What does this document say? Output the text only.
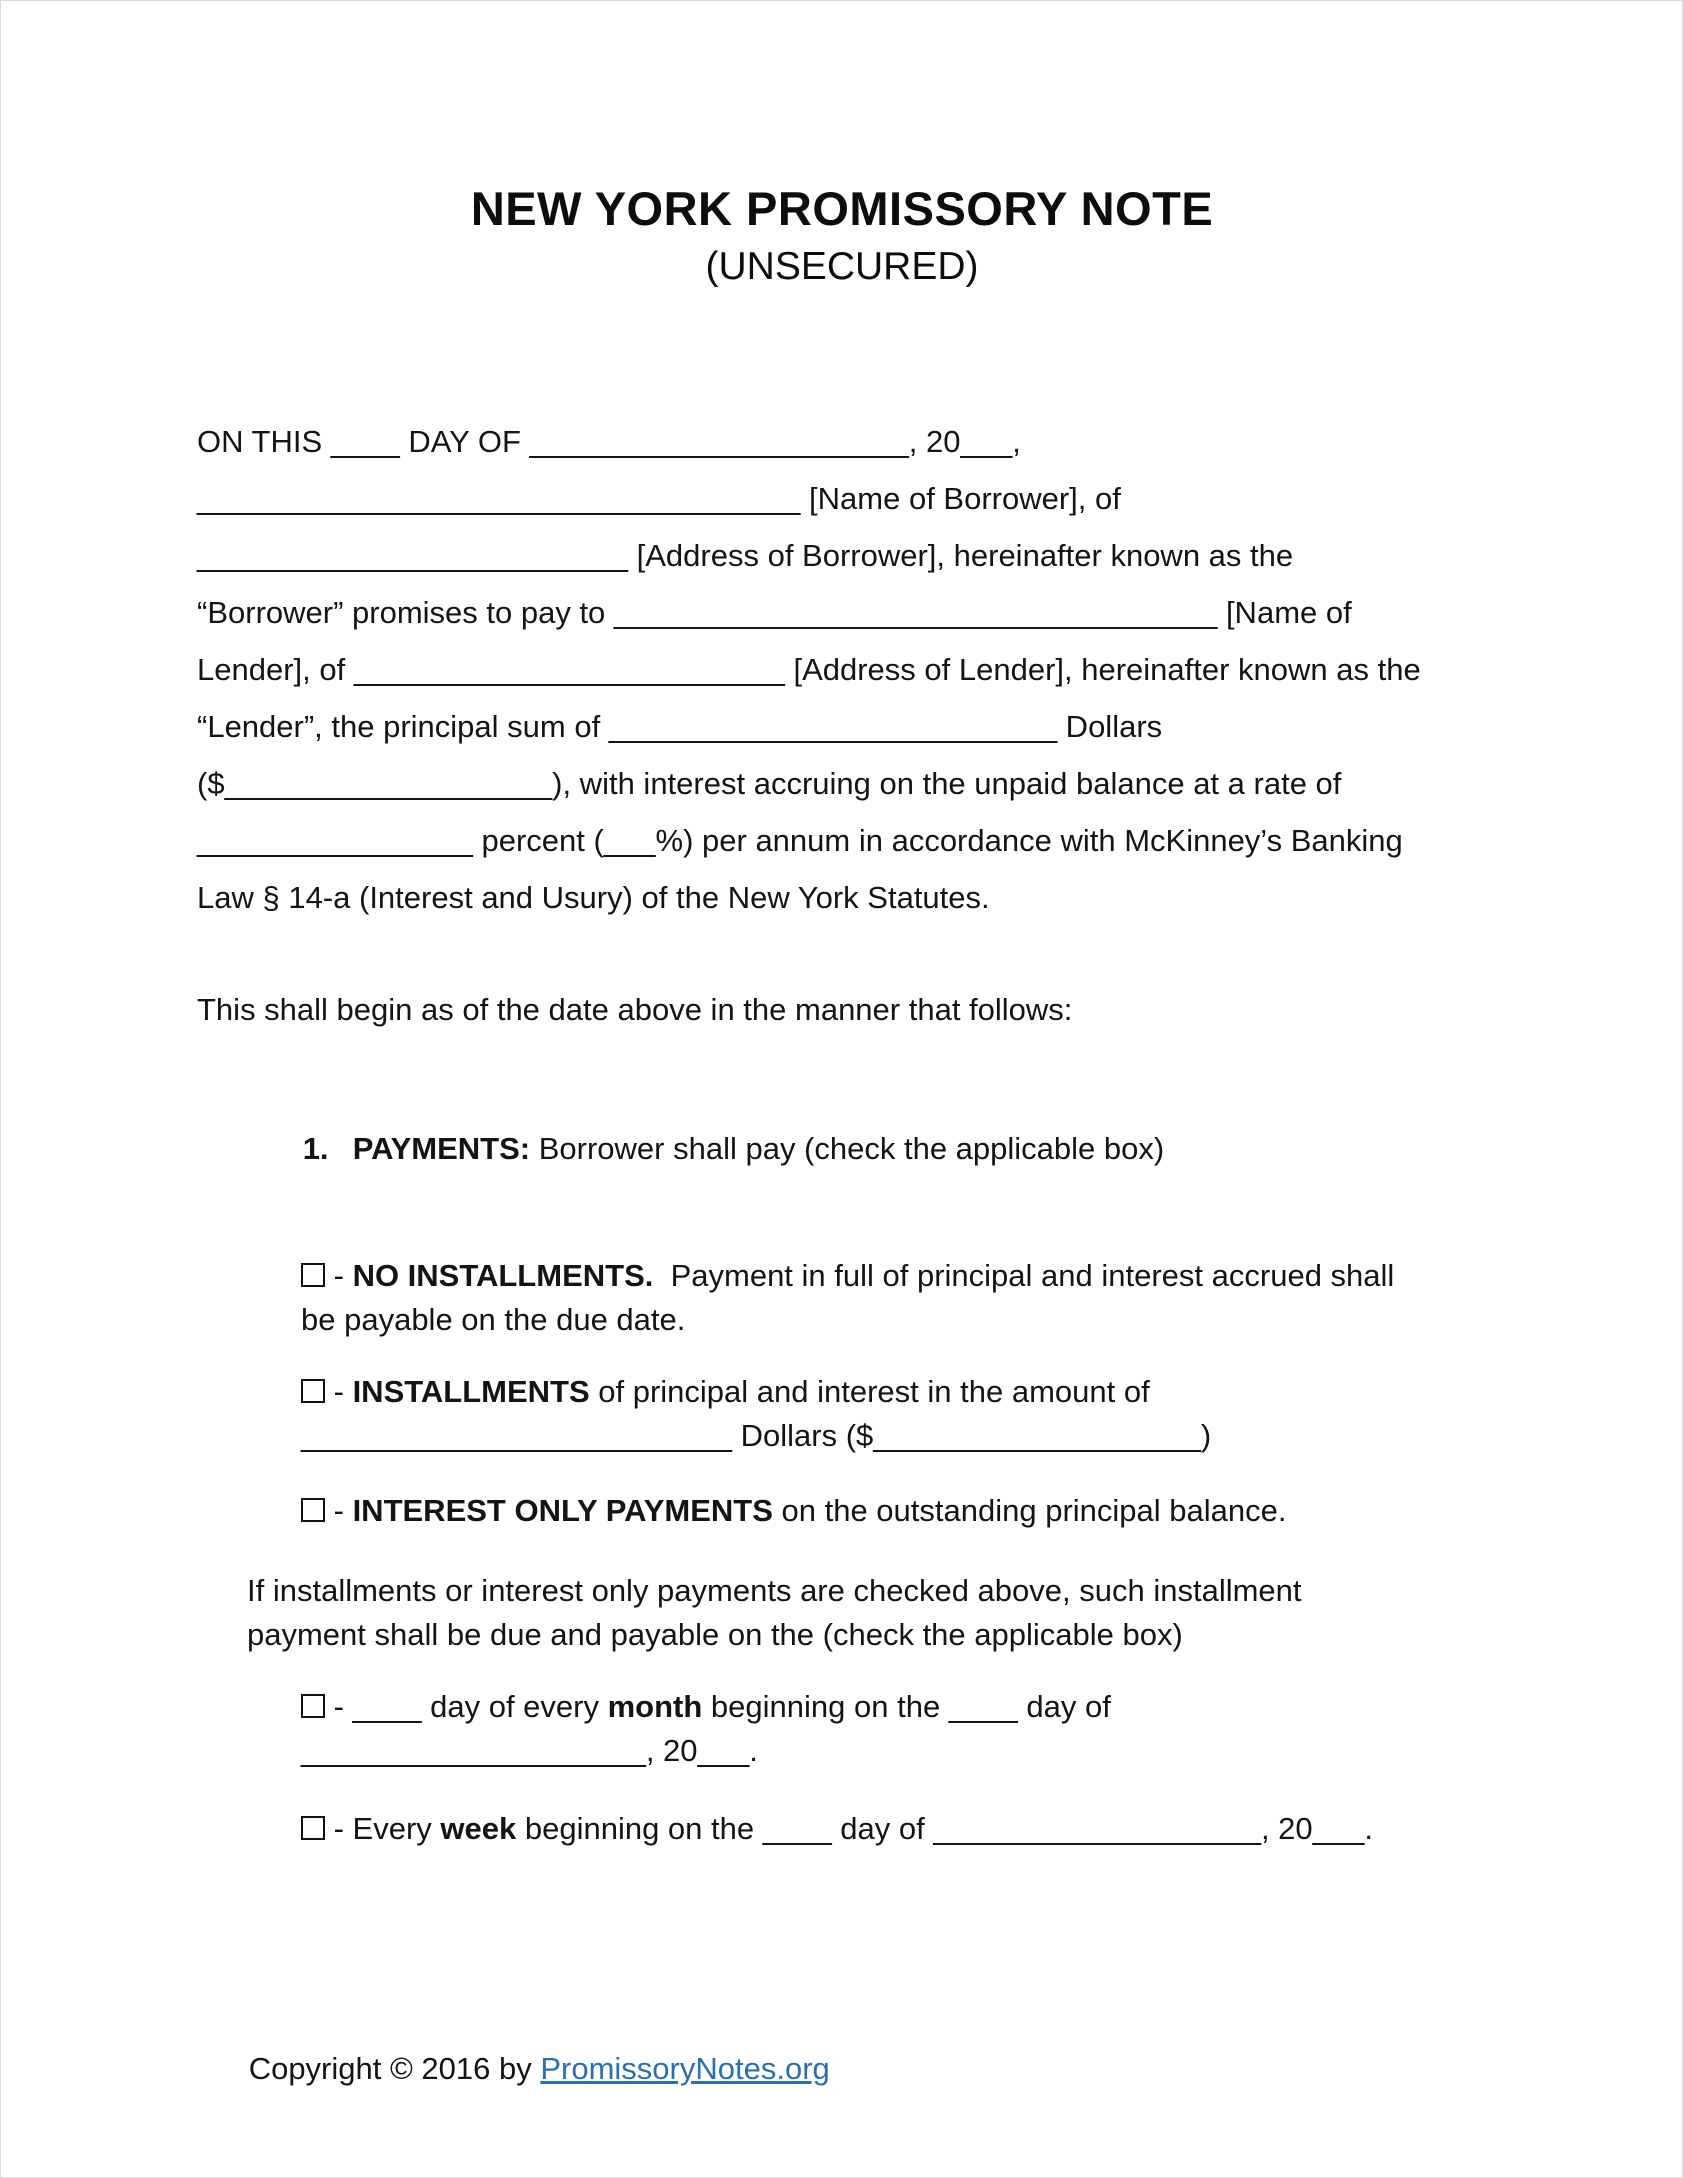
NEW YORK PROMISSORY NOTE
(UNSECURED)
ON THIS ____ DAY OF ______________________, 20___,
___________________________________ [Name of Borrower], of
_________________________ [Address of Borrower], hereinafter known as the
“Borrower” promises to pay to ___________________________________ [Name of
Lender], of _________________________ [Address of Lender], hereinafter known as the
“Lender”, the principal sum of __________________________ Dollars
($___________________), with interest accruing on the unpaid balance at a rate of
________________ percent (___%) per annum in accordance with McKinney’s Banking
Law § 14-a (Interest and Usury) of the New York Statutes.
This shall begin as of the date above in the manner that follows:

1. PAYMENTS: Borrower shall pay (check the applicable box)

- NO INSTALLMENTS.  Payment in full of principal and interest accrued shall
be payable on the due date.
- INSTALLMENTS of principal and interest in the amount of
_________________________ Dollars ($___________________)
- INTEREST ONLY PAYMENTS on the outstanding principal balance.
If installments or interest only payments are checked above, such installment
payment shall be due and payable on the (check the applicable box)
- ____ day of every month beginning on the ____ day of
____________________, 20___.
- Every week beginning on the ____ day of ___________________, 20___.

Copyright © 2016 by PromissoryNotes.org
